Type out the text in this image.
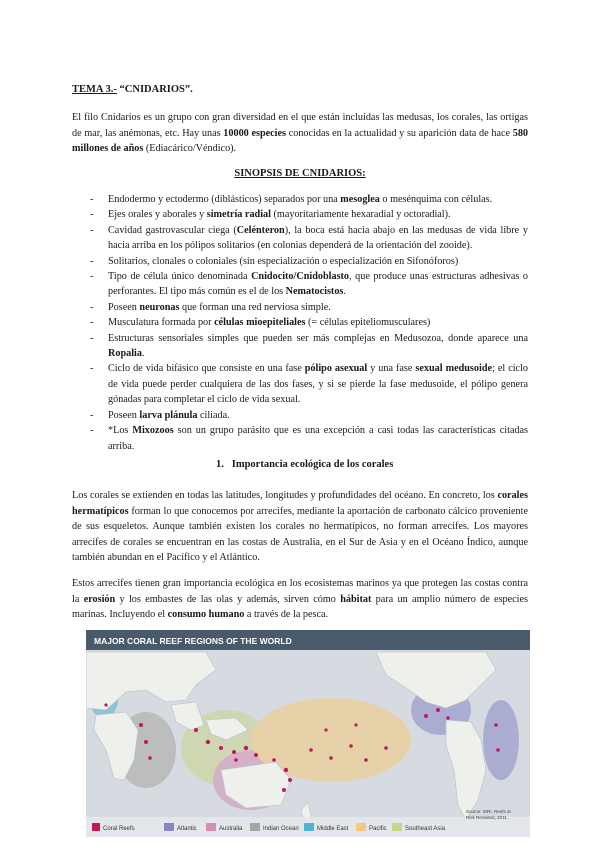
TEMA 3.- “CNIDARIOS”.
El filo Cnidarios es un grupo con gran diversidad en el que están incluidas las medusas, los corales, las ortigas de mar, las anémonas, etc. Hay unas 10000 especies conocidas en la actualidad y su aparición data de hace 580 millones de años (Ediacárico/Véndico).
SINOPSIS DE CNIDARIOS:
- Endodermo y ectodermo (diblásticos) separados por una mesoglea o mesénquima con células.
- Ejes orales y aborales y simetría radial (mayoritariamente hexaradial y octoradial).
- Cavidad gastrovascular ciega (Celénteron), la boca está hacia abajo en las medusas de vida libre y hacia arriba en los pólipos solitarios (en colonias dependerá de la orientación del zooide).
- Solitarios, clonales o coloniales (sin especialización o especialización en Sifonóforos)
- Tipo de célula único denominada Cnidocito/Cnidoblasto, que produce unas estructuras adhesivas o perforantes. El tipo más común es el de los Nematocistos.
- Poseen neuronas que forman una red nerviosa simple.
- Musculatura formada por células mioepiteliales (= células epiteliomusculares)
- Estructuras sensoriales simples que pueden ser más complejas en Medusozoa, donde aparece una Ropalia.
- Ciclo de vida bifásico que consiste en una fase pólipo asexual y una fase sexual medusoide; el ciclo de vida puede perder cualquiera de las dos fases, y si se pierde la fase medusoide, el pólipo genera gónadas para completar el ciclo de vida sexual.
- Poseen larva plánula ciliada.
- *Los Mixozoos son un grupo parásito que es una excepción a casi todas las características citadas arriba.
1. Importancia ecológica de los corales
Los corales se extienden en todas las latitudes, longitudes y profundidades del océano. En concreto, los corales hermatípicos forman lo que conocemos por arrecifes, mediante la aportación de carbonato cálcico proveniente de sus esqueletos. Aunque también existen los corales no hermatípicos, no forman arrecifes. Los mayores arrecifes de corales se encuentran en las costas de Australia, en el Sur de Asia y en el Océano Índico, aunque también abundan en el Pacífico y el Atlántico.
Estos arrecifes tienen gran importancia ecológica en los ecosistemas marinos ya que protegen las costas contra la erosión y los embastes de las olas y además, sirven cómo hábitat para un amplio número de especies marinas. Incluyendo el consumo humano a través de la pesca.
MAJOR CORAL REEF REGIONS OF THE WORLD
Coral Reefs	Atlantic	Australia	Indian Ocean	Middle East	Pacific	Southeast Asia
Source: WRI, Reefs at
Risk Revisited, 2011.
